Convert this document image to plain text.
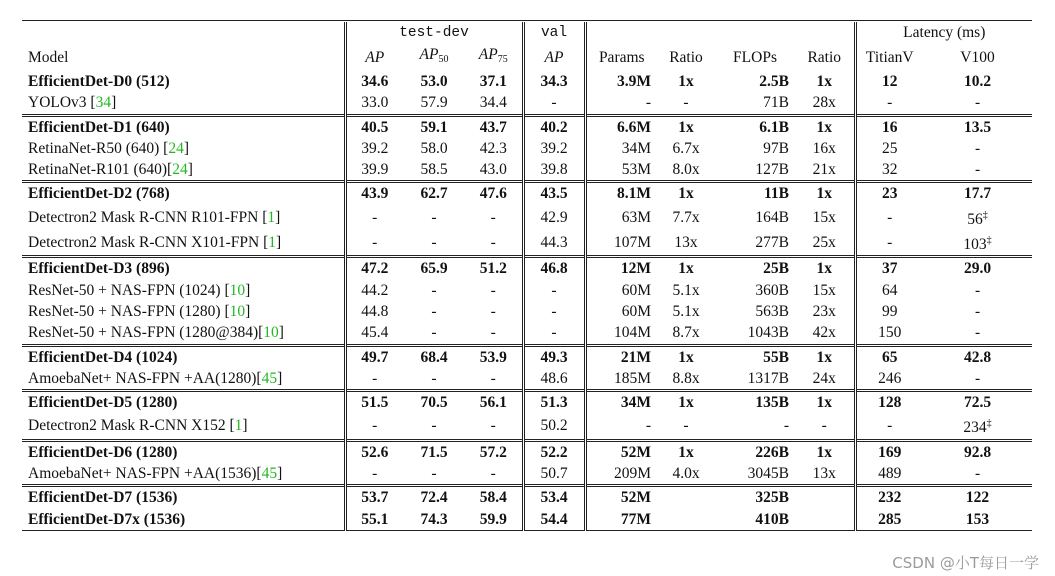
	test-dev			val					Latency (ms)	
Model	AP	$AP_{50}$	$AP_{75}$	AP	Params	Ratio	FLOPs	Ratio	TitianV	V100
EfficientDet-D0 (512)	34.6	53.0	37.1	34.3	3.9M	1x	2.5B	1x	12	10.2
YOLOv3 [34]	33.0	57.9	34.4	-	-	-	71B	28x	-	-
EfficientDet-D1 (640)	40.5	59.1	43.7	40.2	6.6M	1x	6.1B	1x	16	13.5
RetinaNet-R50 (640) [24]	39.2	58.0	42.3	39.2	34M	6.7x	97B	16x	25	-
RetinaNet-R101 (640)[24]	39.9	58.5	43.0	39.8	53M	8.0x	127B	21x	32	-
EfficientDet-D2 (768)	43.9	62.7	47.6	43.5	8.1M	1x	11B	1x	23	17.7
Detectron2 Mask R-CNN R101-FPN [1]	-	-	-	42.9	63M	7.7x	164B	15x	-	56‡
Detectron2 Mask R-CNN X101-FPN [1]	-	-	-	44.3	107M	13x	277B	25x	-	103‡
EfficientDet-D3 (896)	47.2	65.9	51.2	46.8	12M	1x	25B	1x	37	29.0
ResNet-50 + NAS-FPN (1024) [10]	44.2	-	-	-	60M	5.1x	360B	15x	64	-
ResNet-50 + NAS-FPN (1280) [10]	44.8	-	-	-	60M	5.1x	563B	23x	99	-
ResNet-50 + NAS-FPN (1280@384)[10]	45.4	-	-	-	104M	8.7x	1043B	42x	150	-
EfficientDet-D4 (1024)	49.7	68.4	53.9	49.3	21M	1x	55B	1x	65	42.8
AmoebaNet+ NAS-FPN +AA(1280)[45]	-	-	-	48.6	185M	8.8x	1317B	24x	246	-
EfficientDet-D5 (1280)	51.5	70.5	56.1	51.3	34M	1x	135B	1x	128	72.5
Detectron2 Mask R-CNN X152 [1]	-	-	-	50.2	-	-	-	-	-	234‡
EfficientDet-D6 (1280)	52.6	71.5	57.2	52.2	52M	1x	226B	1x	169	92.8
AmoebaNet+ NAS-FPN +AA(1536)[45]	-	-	-	50.7	209M	4.0x	3045B	13x	489	-
EfficientDet-D7 (1536)	53.7	72.4	58.4	53.4	52M		325B		232	122
EfficientDet-D7x (1536)	55.1	74.3	59.9	54.4	77M		410B		285	153
CSDN @小T每日一学
